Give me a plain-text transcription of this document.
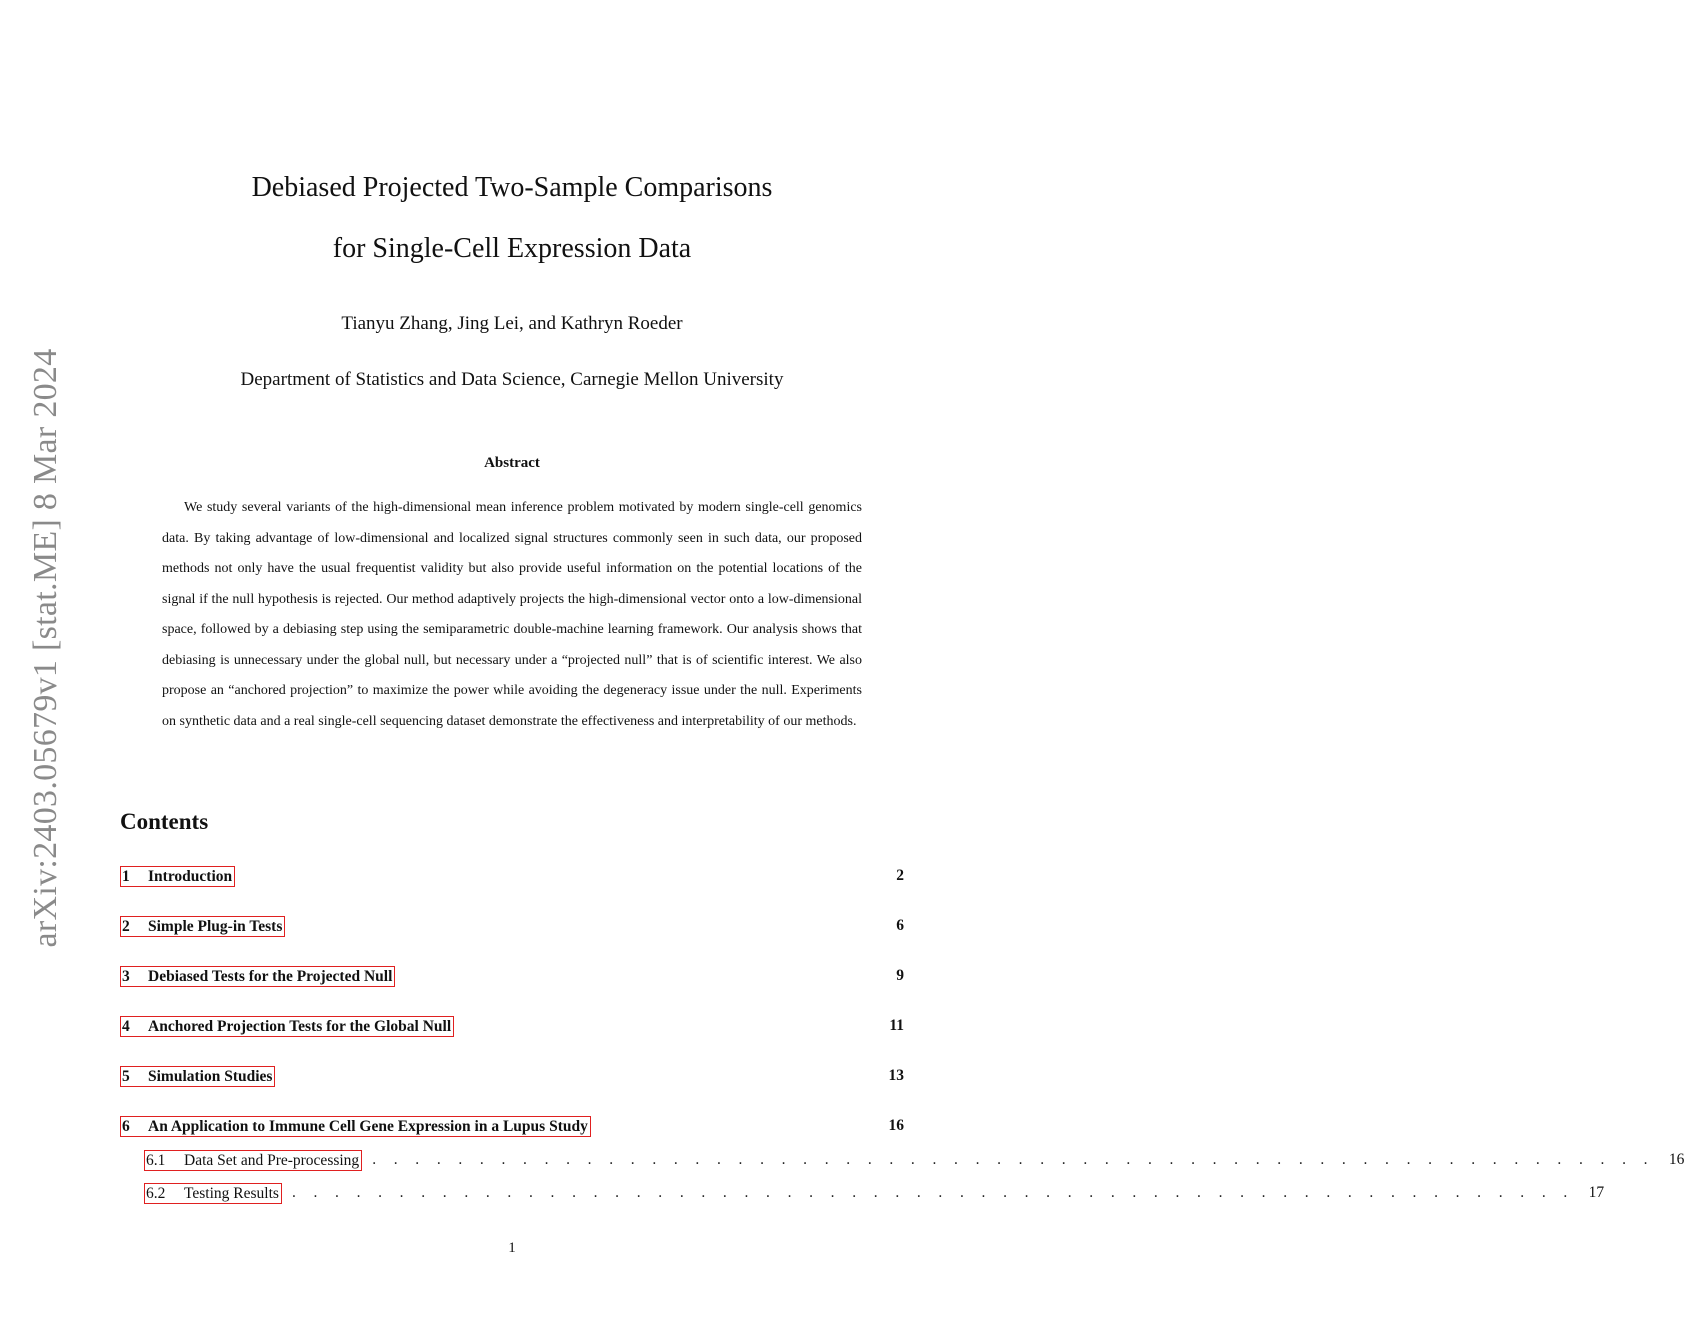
arXiv:2403.05679v1 [stat.ME] 8 Mar 2024
Debiased Projected Two-Sample Comparisons
for Single-Cell Expression Data
Tianyu Zhang, Jing Lei, and Kathryn Roeder
Department of Statistics and Data Science, Carnegie Mellon University
Abstract

We study several variants of the high-dimensional mean inference problem motivated by modern single-cell genomics data. By taking advantage of low-dimensional and localized signal structures commonly seen in such data, our proposed methods not only have the usual frequentist validity but also provide useful information on the potential locations of the signal if the null hypothesis is rejected. Our method adaptively projects the high-dimensional vector onto a low-dimensional space, followed by a debiasing step using the semiparametric double-machine learning framework. Our analysis shows that debiasing is unnecessary under the global null, but necessary under a “projected null” that is of scientific interest. We also propose an “anchored projection” to maximize the power while avoiding the degeneracy issue under the null. Experiments on synthetic data and a real single-cell sequencing dataset demonstrate the effectiveness and interpretability of our methods.

Contents
1	Introduction	2
2	Simple Plug-in Tests	6
3	Debiased Tests for the Projected Null	9
4	Anchored Projection Tests for the Global Null	11
5	Simulation Studies	13
6	An Application to Immune Cell Gene Expression in a Lupus Study	16
6.1	Data Set and Pre-processing . . . . . . . . . . . . . . . . . . . . . . . . . . . . . . . . . . . . . . . . . . . . . . . . . . . . . . . . . . . . 16
6.2	Testing Results . . . . . . . . . . . . . . . . . . . . . . . . . . . . . . . . . . . . . . . . . . . . . . . . . . . . . . . . . . . . 17
1
